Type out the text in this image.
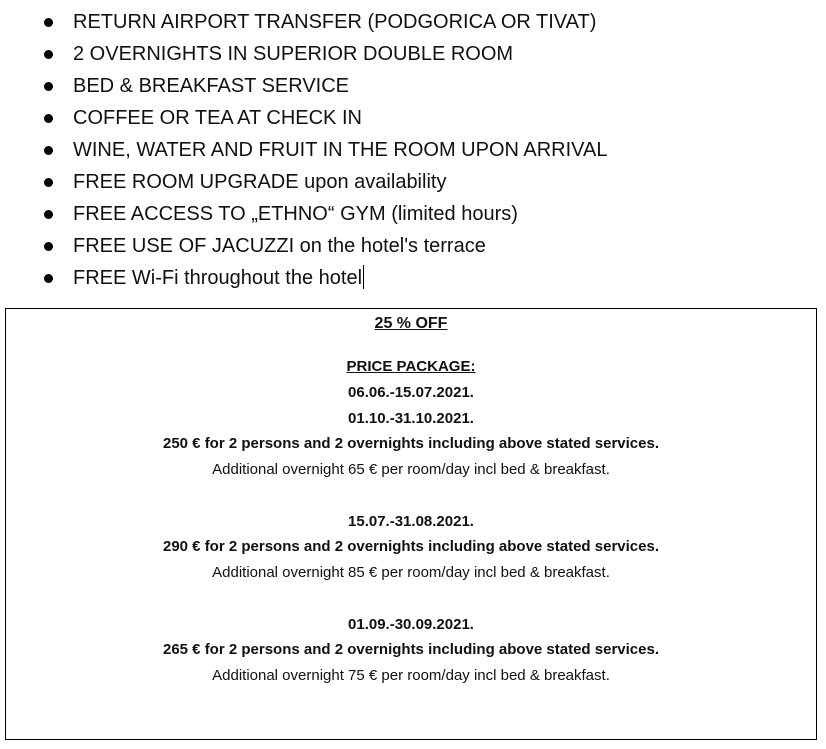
RETURN AIRPORT TRANSFER (PODGORICA OR TIVAT)
2 OVERNIGHTS IN SUPERIOR DOUBLE ROOM
BED & BREAKFAST SERVICE
COFFEE OR TEA AT CHECK IN
WINE, WATER AND FRUIT IN THE ROOM UPON ARRIVAL
FREE ROOM UPGRADE upon availability
FREE ACCESS TO „ETHNO“ GYM (limited hours)
FREE USE OF JACUZZI on the hotel's terrace
FREE Wi-Fi throughout the hotel
25 % OFF
PRICE PACKAGE:
06.06.-15.07.2021.
01.10.-31.10.2021.
250 € for 2 persons and 2 overnights including above stated services.
Additional overnight 65 € per room/day incl bed & breakfast.
15.07.-31.08.2021.
290 € for 2 persons and 2 overnights including above stated services.
Additional overnight 85 € per room/day incl bed & breakfast.
01.09.-30.09.2021.
265 € for 2 persons and 2 overnights including above stated services.
Additional overnight 75 € per room/day incl bed & breakfast.
